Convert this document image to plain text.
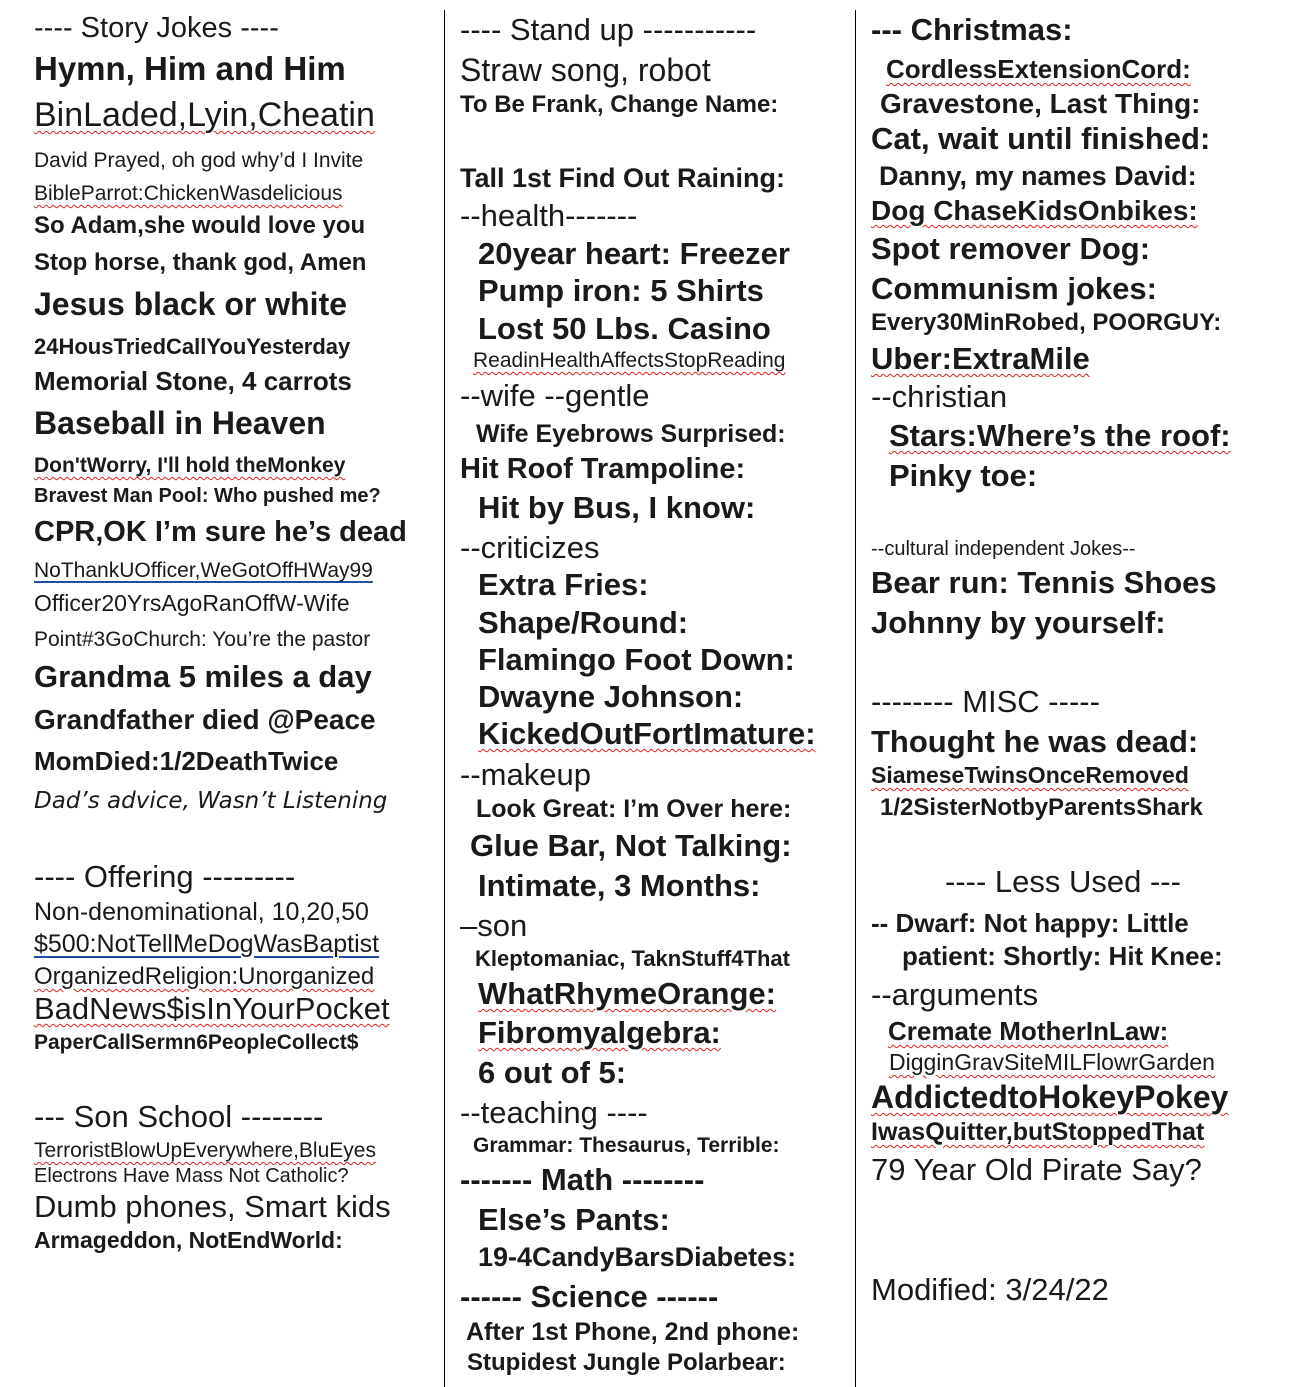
---- Story Jokes ----
Hymn, Him and Him
BinLaded,Lyin,Cheatin
David Prayed, oh god why’d I Invite
BibleParrot:ChickenWasdelicious
So Adam,she would love you
Stop horse, thank god, Amen
Jesus black or white
24HousTriedCallYouYesterday
Memorial Stone, 4 carrots
Baseball in Heaven
Don'tWorry, I'll hold theMonkey
Bravest Man Pool: Who pushed me?
CPR,OK I’m sure he’s dead
NoThankUOfficer,WeGotOffHWay99
Officer20YrsAgoRanOffW-Wife
Point#3GoChurch: You’re the pastor
Grandma 5 miles a day
Grandfather died @Peace
MomDied:1/2DeathTwice
Dad’s advice, Wasn’t Listening
---- Offering ---------
Non-denominational, 10,20,50
$500:NotTellMeDogWasBaptist
OrganizedReligion:Unorganized
BadNews$isInYourPocket
PaperCallSermn6PeopleCollect$
--- Son School --------
TerroristBlowUpEverywhere,BluEyes
Electrons Have Mass Not Catholic?
Dumb phones, Smart kids
Armageddon, NotEndWorld:
---- Stand up -----------
Straw song, robot
To Be Frank, Change Name:
Tall 1st Find Out Raining:
--health-------
20year heart: Freezer
Pump iron: 5 Shirts
Lost 50 Lbs. Casino
ReadinHealthAffectsStopReading
--wife --gentle
Wife Eyebrows Surprised:
Hit Roof Trampoline:
Hit by Bus, I know:
--criticizes
Extra Fries:
Shape/Round:
Flamingo Foot Down:
Dwayne Johnson:
KickedOutFortImature:
--makeup
Look Great: I’m Over here:
Glue Bar, Not Talking:
Intimate, 3 Months:
–son
Kleptomaniac, TaknStuff4That
WhatRhymeOrange:
Fibromyalgebra:
6 out of 5:
--teaching ----
Grammar: Thesaurus, Terrible:
------- Math --------
Else’s Pants:
19-4CandyBarsDiabetes:
------ Science ------
After 1st Phone, 2nd phone:
Stupidest Jungle Polarbear:
--- Christmas:
CordlessExtensionCord:
Gravestone, Last Thing:
Cat, wait until finished:
Danny, my names David:
Dog ChaseKidsOnbikes:
Spot remover Dog:
Communism jokes:
Every30MinRobed, POORGUY:
Uber:ExtraMile
--christian
Stars:Where’s the roof:
Pinky toe:
--cultural independent Jokes--
Bear run: Tennis Shoes
Johnny by yourself:
-------- MISC -----
Thought he was dead:
SiameseTwinsOnceRemoved
1/2SisterNotbyParentsShark
---- Less Used ---
-- Dwarf: Not happy: Little
patient: Shortly: Hit Knee:
--arguments
Cremate MotherInLaw:
DigginGravSiteMILFlowrGarden
AddictedtoHokeyPokey
IwasQuitter,butStoppedThat
79 Year Old Pirate Say?
Modified: 3/24/22
